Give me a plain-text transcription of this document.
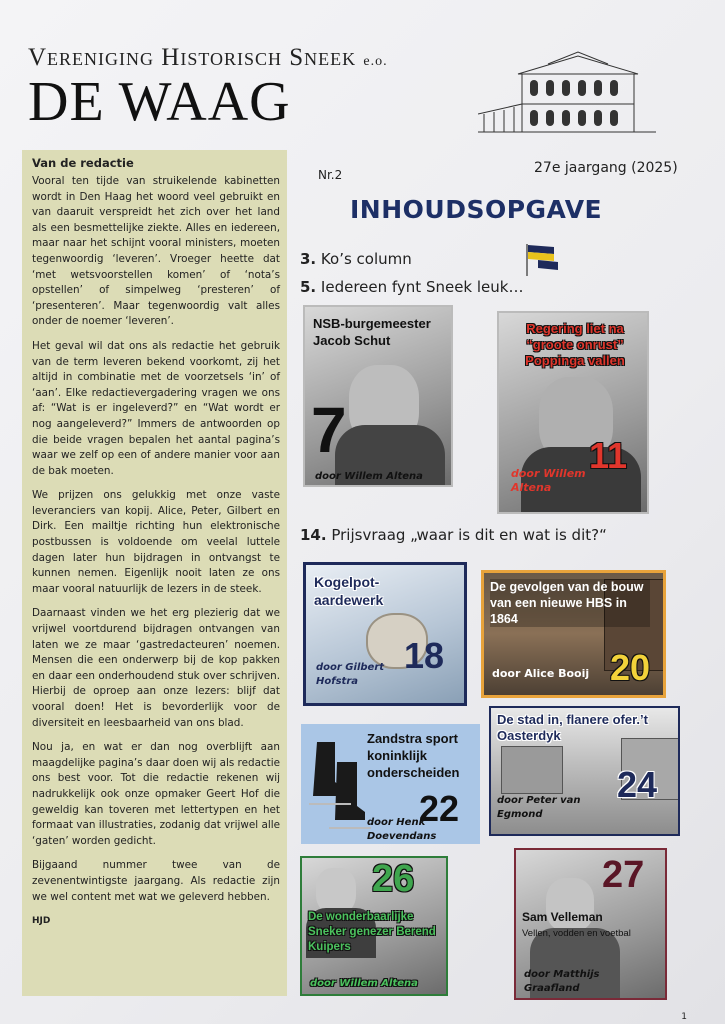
Vereniging Historisch Sneek e.o.
DE WAAG
Van de redactie

Vooral ten tijde van struikelende kabinetten wordt in Den Haag het woord veel gebruikt en van daaruit verspreidt het zich over het land als een besmettelijke ziekte. Alles en iedereen, maar naar het schijnt vooral ministers, moeten tegenwoordig ‘leveren’. Vroeger heette dat ‘met wetsvoorstellen komen’ of ‘nota’s opstellen’ of simpelweg ‘presteren’ of ‘presenteren’. Maar tegenwoordig valt alles onder de noemer ‘leveren’.

Het geval wil dat ons als redactie het gebruik van de term leveren bekend voorkomt, zij het altijd in combinatie met de voorzetsels ‘in’ of ‘aan’. Elke redactievergadering vragen we ons af: “Wat is er ingeleverd?” en “Wat wordt er nog aangeleverd?” Immers de antwoorden op die beide vragen bepalen het aantal pagina’s waar we zelf op een of andere manier voor aan de bak moeten.

We prijzen ons gelukkig met onze vaste leveranciers van kopij. Alice, Peter, Gilbert en Dirk. Een mailtje richting hun elektronische postbussen is voldoende om veelal luttele dagen later hun bijdragen in ontvangst te kunnen nemen. Eigenlijk nooit laten ze ons maar vooral natuurlijk de lezers in de steek.

Daarnaast vinden we het erg plezierig dat we vrijwel voortdurend bijdragen ontvangen van laten we ze maar ‘gastredacteuren’ noemen. Mensen die een onderwerp bij de kop pakken en daar een onderhoudend stuk over schrijven. Hierbij de oproep aan onze lezers: blijf dat vooral doen! Het is bevorderlijk voor de diversiteit en leesbaarheid van ons blad.

Nou ja, en wat er dan nog overblijft aan maagdelijke pagina’s daar doen wij als redactie ons best voor. Tot die redactie rekenen wij nadrukkelijk ook onze opmaker Geert Hof die geweldig kan toveren met lettertypen en het formaat van illustraties, zodanig dat vrijwel alle ‘gaten’ worden gedicht.

Bijgaand nummer twee van de zevenentwintigste jaargang. Als redactie zijn we wel content met wat we geleverd hebben.

HJD
Nr.2	27e jaargang (2025)
INHOUDSOPGAVE
3. Ko’s column
5. Iedereen fynt Sneek leuk…
NSB-burgemeester Jacob Schut
7
door Willem Altena
Regering liet na “groote onrust” Poppinga vallen
11
door Willem Altena
14. Prijsvraag „waar is dit en wat is dit?“
Kogelpot-aardewerk
18
door Gilbert Hofstra
De gevolgen van de bouw van een nieuwe HBS in 1864
door Alice Booij 20
Zandstra sport koninklijk onderscheiden
22
door Henk Doevendans
De stad in, flanere ofer.’t Oasterdyk
24
door Peter van Egmond
26
De wonderbaarlijke Sneker genezer Berend Kuipers
door Willem Altena
27
Sam Velleman
Vellen, vodden en voetbal
door Matthijs Graafland
1
